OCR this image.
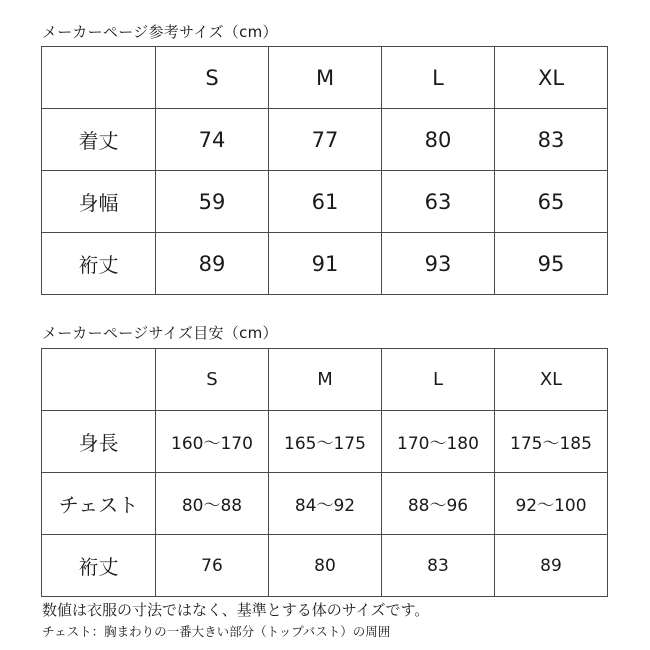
メーカーページ参考サイズ（cm）
	S	M	L	XL
着丈	74	77	80	83
身幅	59	61	63	65
裄丈	89	91	93	95
メーカーページサイズ目安（cm）
	S	M	L	XL
身長	160～170	165～175	170～180	175～185
チェスト	80～88	84～92	88～96	92～100
裄丈	76	80	83	89
数値は衣服の寸法ではなく、基準とする体のサイズです。
チェスト：胸まわりの一番大きい部分（トップバスト）の周囲
